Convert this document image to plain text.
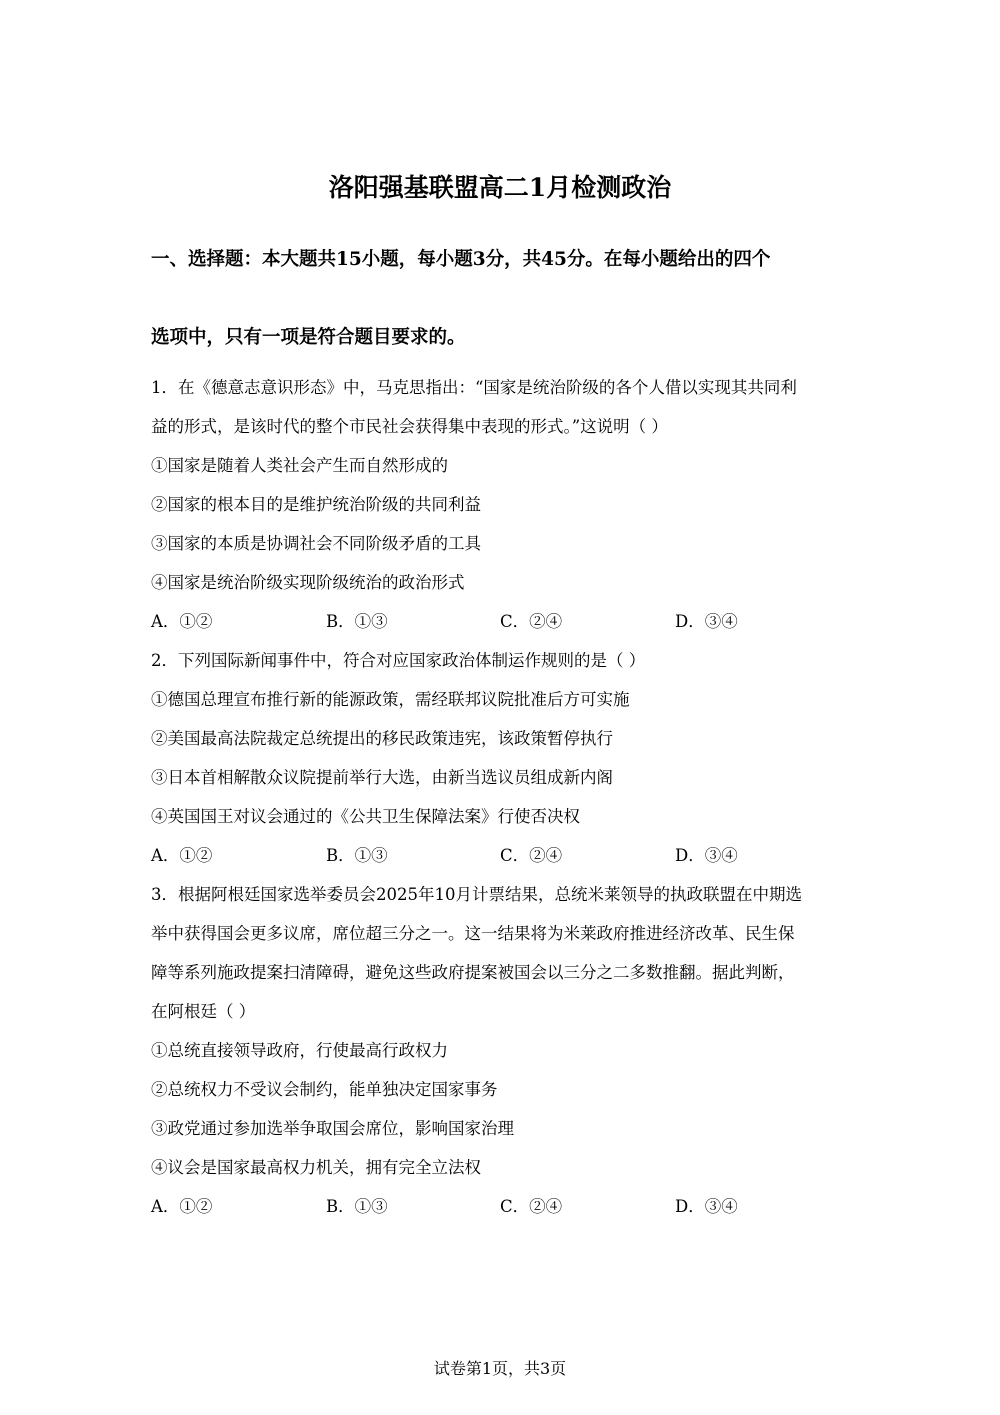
洛阳强基联盟高二1月检测政治
一、选择题：本大题共15小题，每小题3分，共45分。在每小题给出的四个
选项中，只有一项是符合题目要求的。
1．在《德意志意识形态》中，马克思指出：“国家是统治阶级的各个人借以实现其共同利
益的形式，是该时代的整个市民社会获得集中表现的形式。”这说明（ ）
①国家是随着人类社会产生而自然形成的
②国家的根本目的是维护统治阶级的共同利益
③国家的本质是协调社会不同阶级矛盾的工具
④国家是统治阶级实现阶级统治的政治形式
A．①②	B．①③	C．②④	D．③④
2．下列国际新闻事件中，符合对应国家政治体制运作规则的是（ ）
①德国总理宣布推行新的能源政策，需经联邦议院批准后方可实施
②美国最高法院裁定总统提出的移民政策违宪，该政策暂停执行
③日本首相解散众议院提前举行大选，由新当选议员组成新内阁
④英国国王对议会通过的《公共卫生保障法案》行使否决权
A．①②	B．①③	C．②④	D．③④
3．根据阿根廷国家选举委员会2025年10月计票结果，总统米莱领导的执政联盟在中期选
举中获得国会更多议席，席位超三分之一。这一结果将为米莱政府推进经济改革、民生保
障等系列施政提案扫清障碍，避免这些政府提案被国会以三分之二多数推翻。据此判断，
在阿根廷（ ）
①总统直接领导政府，行使最高行政权力
②总统权力不受议会制约，能单独决定国家事务
③政党通过参加选举争取国会席位，影响国家治理
④议会是国家最高权力机关，拥有完全立法权
A．①②	B．①③	C．②④	D．③④
试卷第1页，共3页
